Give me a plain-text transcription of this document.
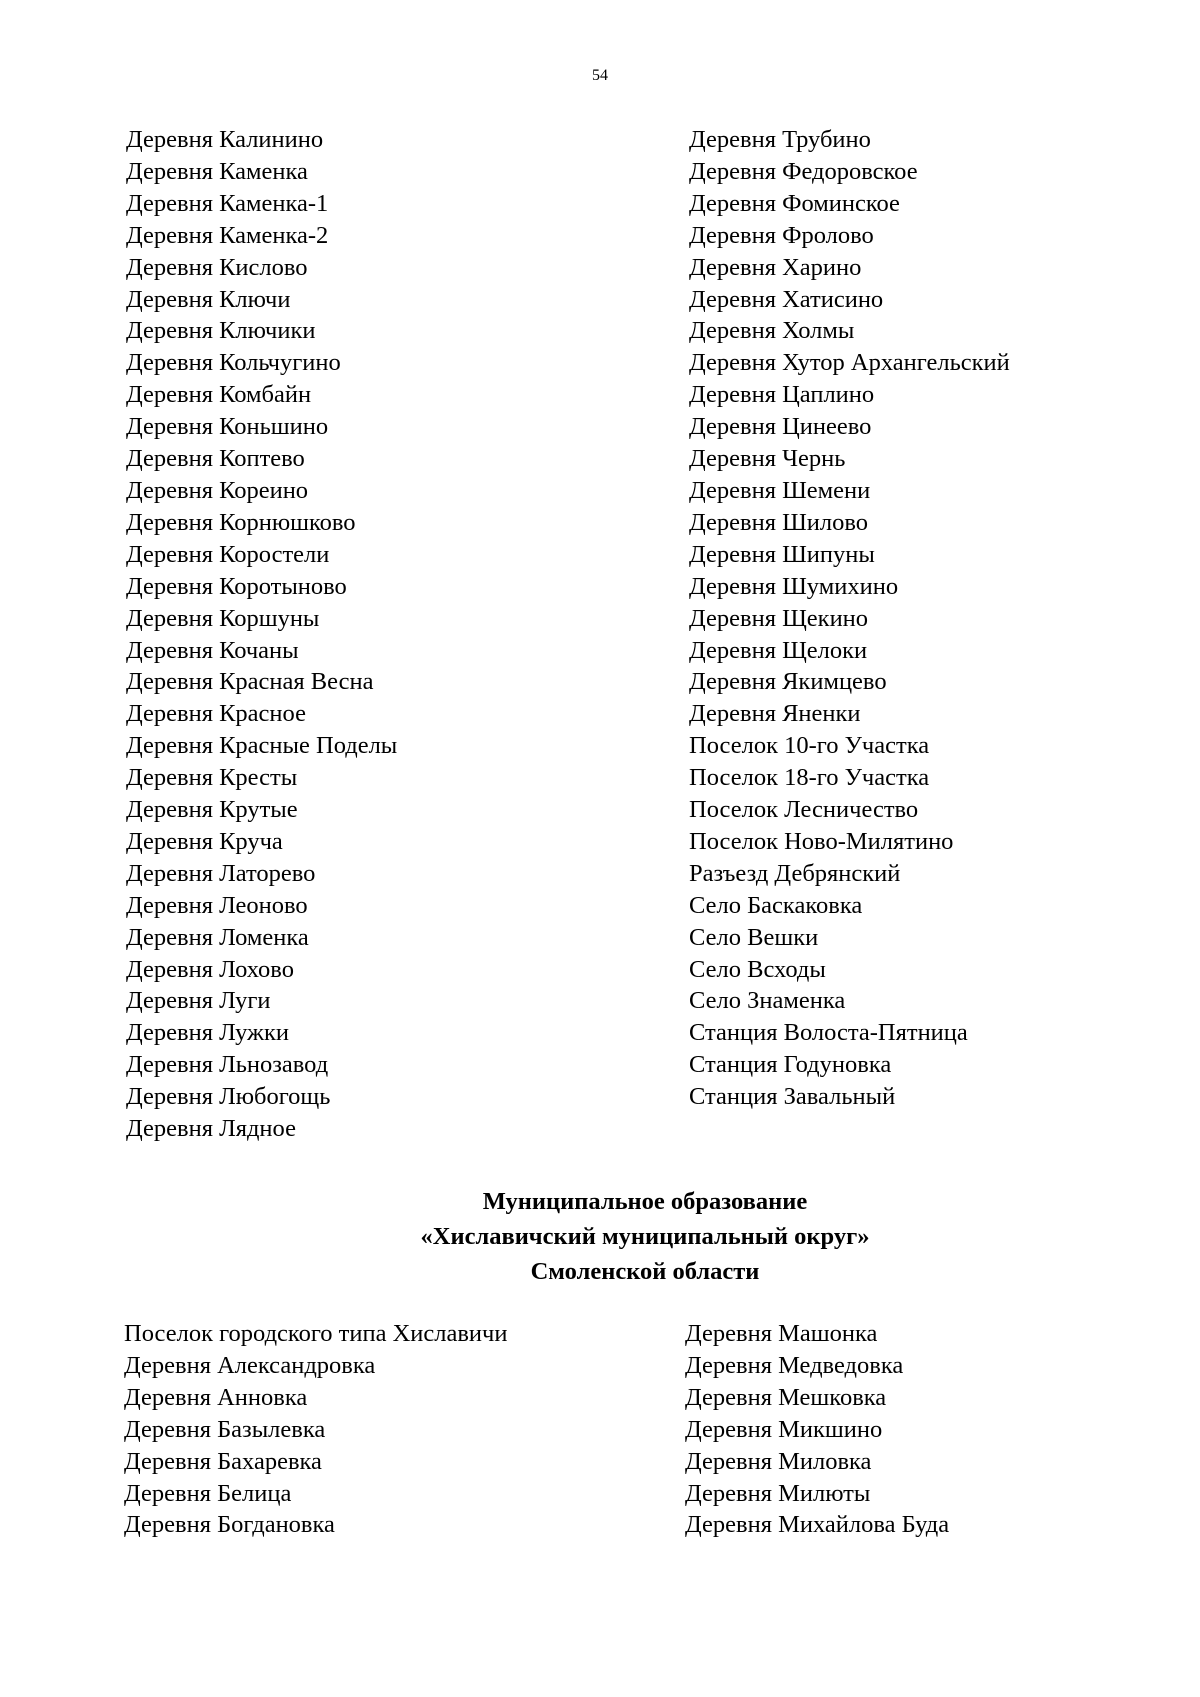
54
Деревня Калинино
Деревня Каменка
Деревня Каменка-1
Деревня Каменка-2
Деревня Кислово
Деревня Ключи
Деревня Ключики
Деревня Кольчугино
Деревня Комбайн
Деревня Коньшино
Деревня Коптево
Деревня Кореино
Деревня Корнюшково
Деревня Коростели
Деревня Коротыново
Деревня Коршуны
Деревня Кочаны
Деревня Красная Весна
Деревня Красное
Деревня Красные Поделы
Деревня Кресты
Деревня Крутые
Деревня Круча
Деревня Латорево
Деревня Леоново
Деревня Ломенка
Деревня Лохово
Деревня Луги
Деревня Лужки
Деревня Льнозавод
Деревня Любогощь
Деревня Лядное
Деревня Трубино
Деревня Федоровское
Деревня Фоминское
Деревня Фролово
Деревня Харино
Деревня Хатисино
Деревня Холмы
Деревня Хутор Архангельский
Деревня Цаплино
Деревня Цинеево
Деревня Чернь
Деревня Шемени
Деревня Шилово
Деревня Шипуны
Деревня Шумихино
Деревня Щекино
Деревня Щелоки
Деревня Якимцево
Деревня Яненки
Поселок 10-го Участка
Поселок 18-го Участка
Поселок Лесничество
Поселок Ново-Милятино
Разъезд Дебрянский
Село Баскаковка
Село Вешки
Село Всходы
Село Знаменка
Станция Волоста-Пятница
Станция Годуновка
Станция Завальный
Муниципальное образование
«Хиславичский муниципальный округ»
Смоленской области
Поселок городского типа Хиславичи
Деревня Александровка
Деревня Анновка
Деревня Базылевка
Деревня Бахаревка
Деревня Белица
Деревня Богдановка
Деревня Машонка
Деревня Медведовка
Деревня Мешковка
Деревня Микшино
Деревня Миловка
Деревня Милюты
Деревня Михайлова Буда
